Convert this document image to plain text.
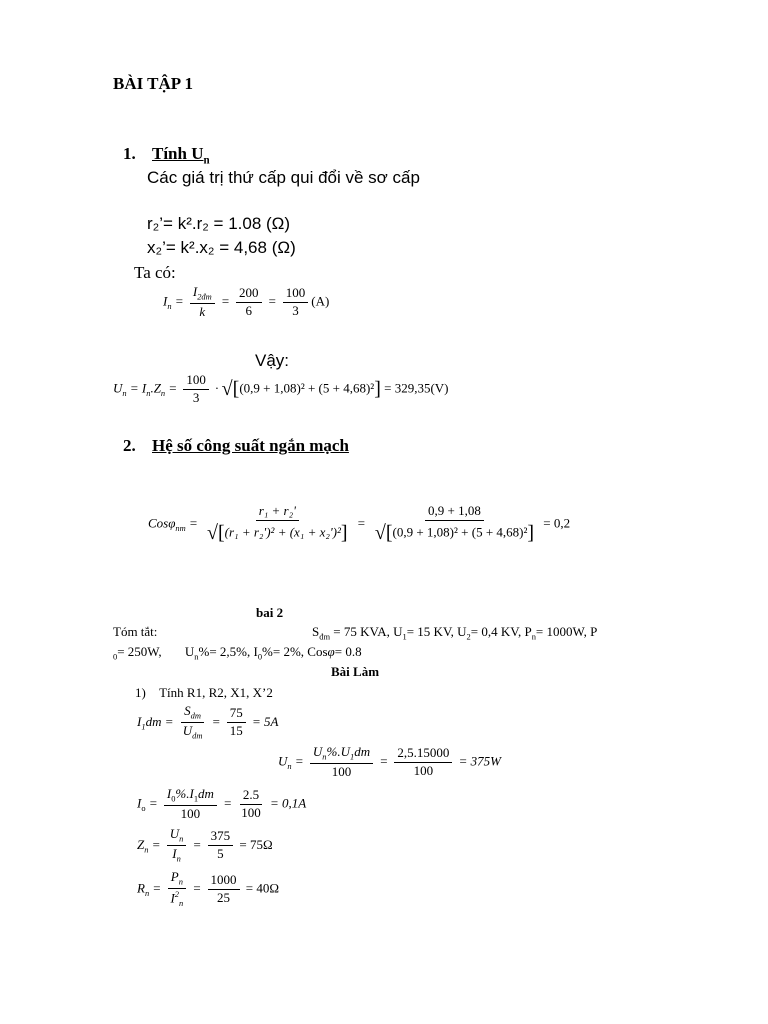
BÀI TẬP 1
1. Tính $U_n$
Các giá trị thứ cấp qui đổi về sơ cấp
r₂’= k².r₂ = 1.08 (Ω)
x₂’= k².x₂ = 4,68 (Ω)
Ta có:
$I_n = \frac{I_{2đm}}{k} = \frac{200}{6} = \frac{100}{3} (A)$
Vậy:
$U_n = I_n.Z_n = \frac{100}{3} \cdot √[(0,9 + 1,08)^2 + (5 + 4,68)^2] = 329,35(V)$
2. Hệ số công suất ngắn mạch
$Cos\varphi_{nm} = \frac{\text{r₁ + r₂'}}{\text{√[(r₁ + r₂')² + (x₁ + x₂')²]}} = \frac{0,9 + 1,08}{\text{√[(0,9 + 1,08)² + (5 + 4,68)²]}} = 0,2$
bai 2
Tóm tắt:	$S_{đm} = 75$ KVA, $U_1= 15$ KV, $U_2= 0,4$ KV, $P_n= 1000W$, P
$_0$= 250W, $U_n\%= 2,5\%$, $I_0\%= 2\%$, Cosφ= 0.8
Bài Làm
1) Tính R1, R2, X1, X’2
$I_1dm = \frac{S_{dm}}{U_{dm}} = \frac{75}{15} = 5A$
$U_n = \frac{U_n\%.U_1dm}{100} = \frac{2,5.15000}{100} = 375W$
$I_o = \frac{I_0\%.I_1dm}{100} = \frac{2.5}{100} = 0,1A$
$Z_n = \frac{U_n}{I_n} = \frac{375}{5} = 75\Omega$
$R_n = \frac{P_n}{I^2_n} = \frac{1000}{25} = 40\Omega$
